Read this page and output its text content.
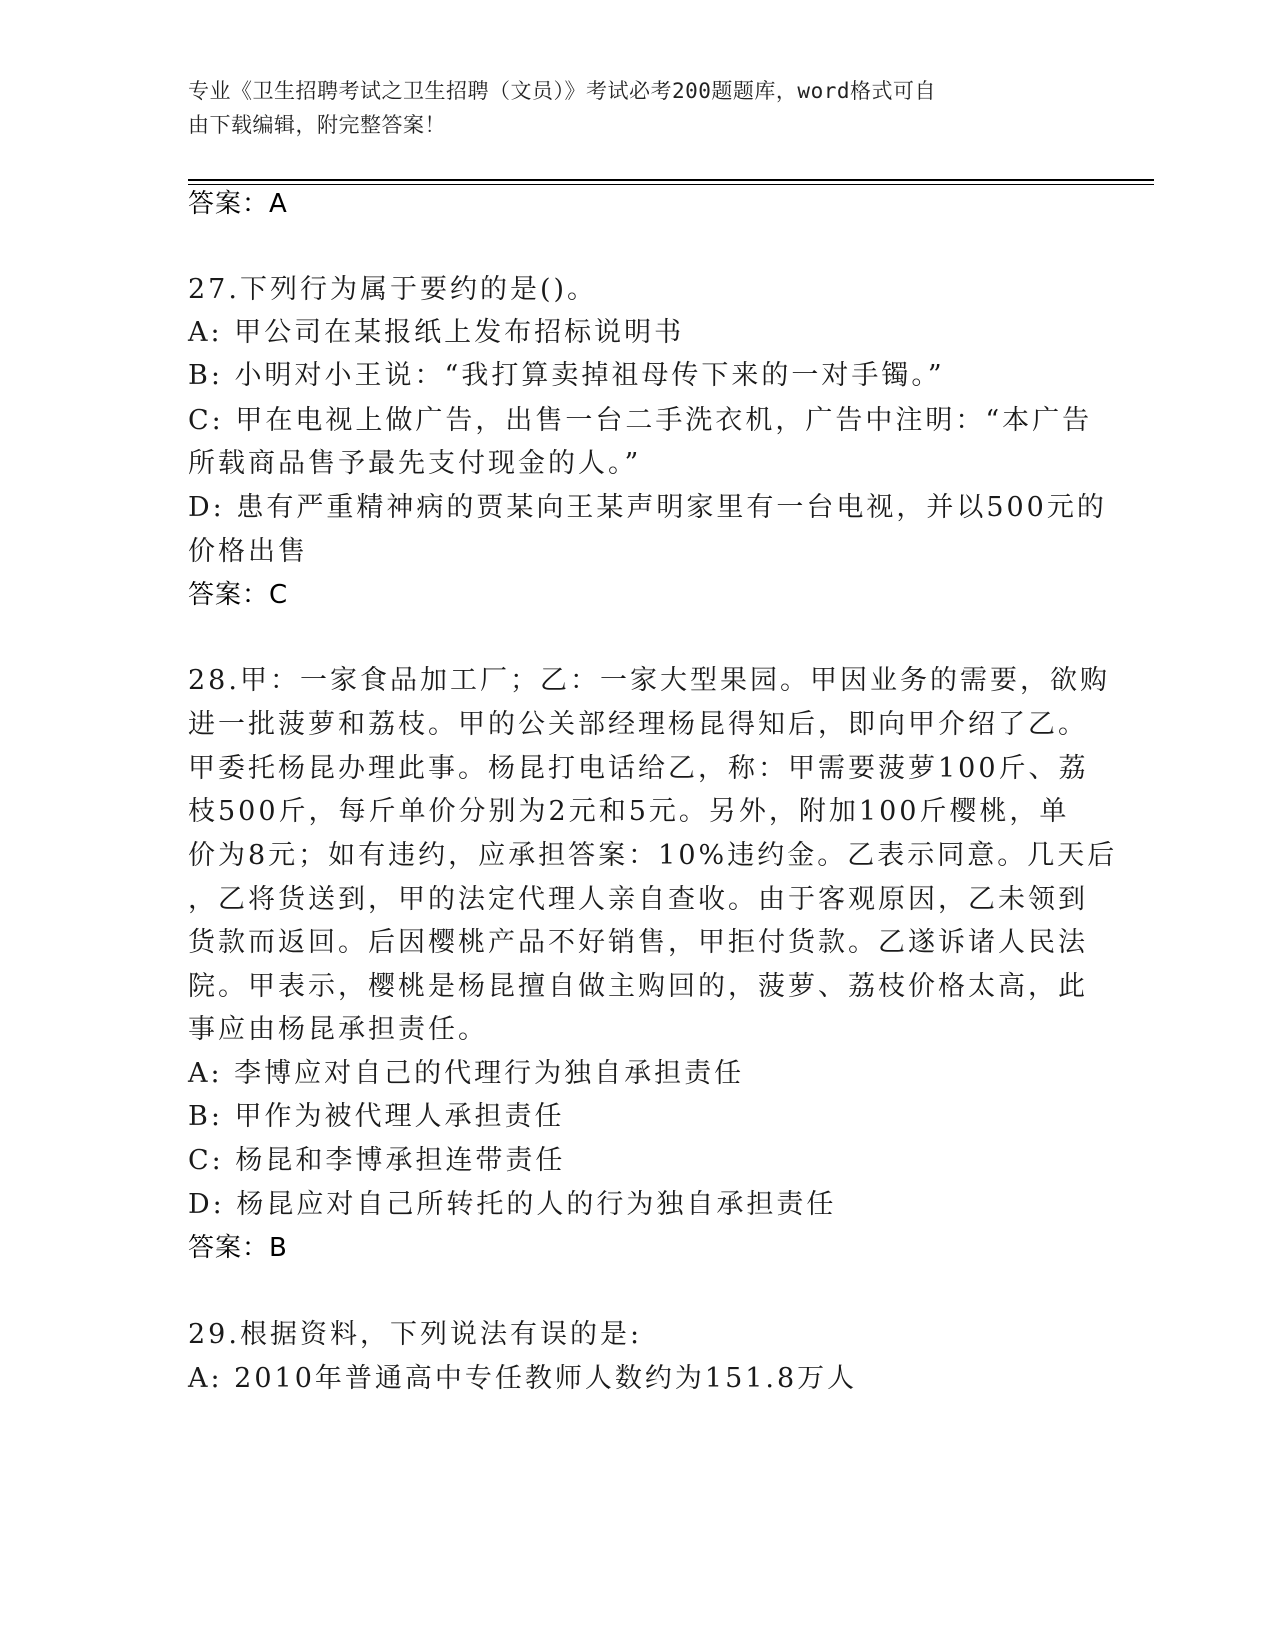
专业《卫生招聘考试之卫生招聘（文员）》考试必考200题题库，word格式可自
由下载编辑，附完整答案！
答案：A
27.下列行为属于要约的是()。
A: 甲公司在某报纸上发布招标说明书
B: 小明对小王说：“我打算卖掉祖母传下来的一对手镯。”
C: 甲在电视上做广告，出售一台二手洗衣机，广告中注明：“本广告
所载商品售予最先支付现金的人。”
D: 患有严重精神病的贾某向王某声明家里有一台电视，并以500元的
价格出售
答案：C
28.甲：一家食品加工厂；乙：一家大型果园。甲因业务的需要，欲购
进一批菠萝和荔枝。甲的公关部经理杨昆得知后，即向甲介绍了乙。
甲委托杨昆办理此事。杨昆打电话给乙，称：甲需要菠萝100斤、荔
枝500斤，每斤单价分别为2元和5元。另外，附加100斤樱桃，单
价为8元；如有违约，应承担答案：10%违约金。乙表示同意。几天后
，乙将货送到，甲的法定代理人亲自查收。由于客观原因，乙未领到
货款而返回。后因樱桃产品不好销售，甲拒付货款。乙遂诉诸人民法
院。甲表示，樱桃是杨昆擅自做主购回的，菠萝、荔枝价格太高，此
事应由杨昆承担责任。
A: 李博应对自己的代理行为独自承担责任
B: 甲作为被代理人承担责任
C: 杨昆和李博承担连带责任
D: 杨昆应对自己所转托的人的行为独自承担责任
答案：B
29.根据资料，下列说法有误的是:
A: 2010年普通高中专任教师人数约为151.8万人
